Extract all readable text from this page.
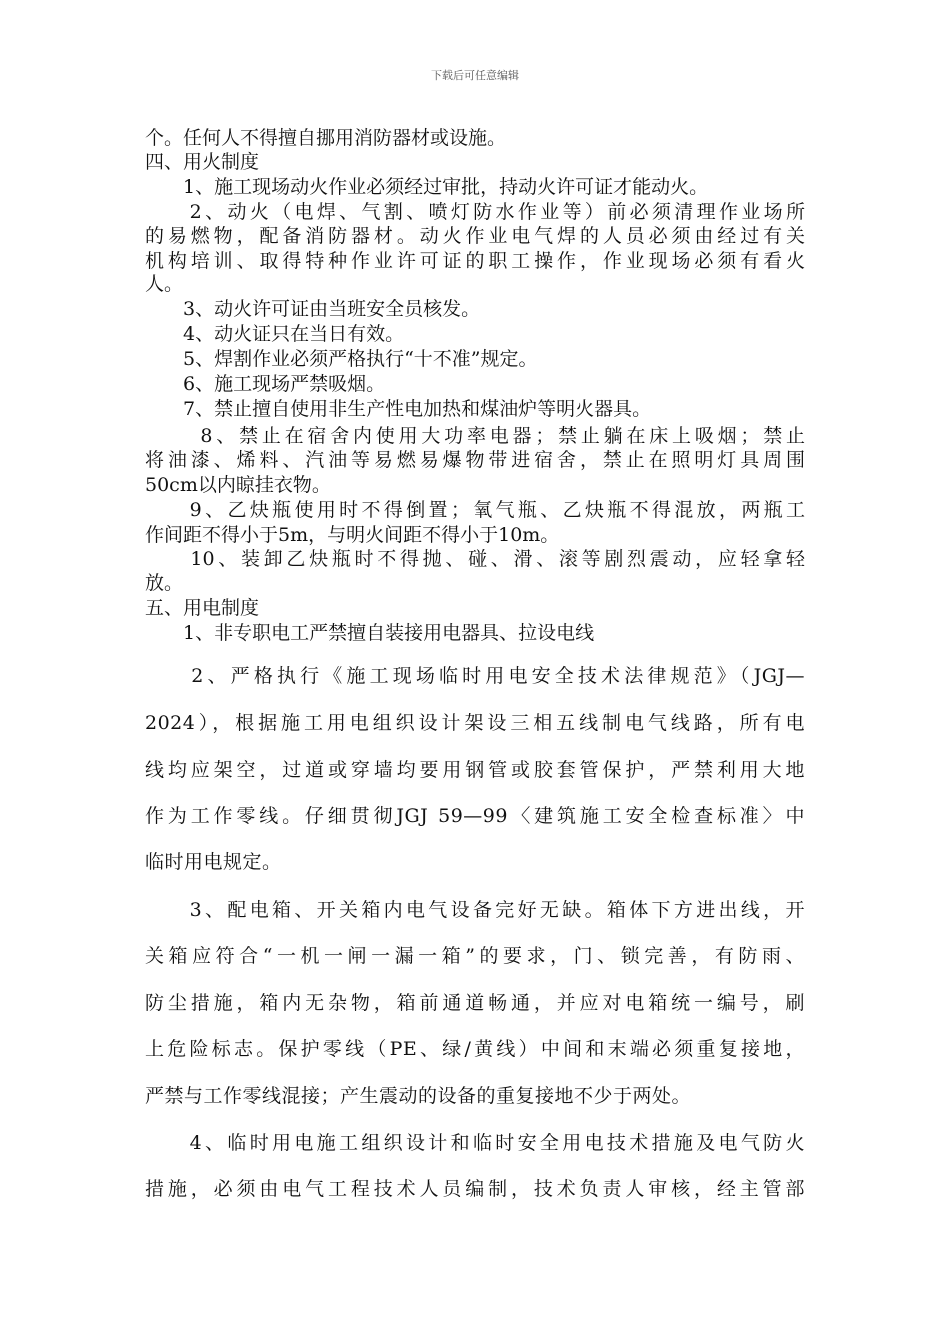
下载后可任意编辑
个。任何人不得擅自挪用消防器材或设施。
四、用火制度
　　1、施工现场动火作业必须经过审批，持动火许可证才能动火。
　　2、动火（电焊、气割、喷灯防水作业等）前必须清理作业场所
的易燃物，配备消防器材。动火作业电气焊的人员必须由经过有关
机构培训、取得特种作业许可证的职工操作，作业现场必须有看火
人。
　　3、动火许可证由当班安全员核发。
　　4、动火证只在当日有效。
　　5、焊割作业必须严格执行“十不准”规定。
　　6、施工现场严禁吸烟。
　　7、禁止擅自使用非生产性电加热和煤油炉等明火器具。
　　 8、禁止在宿舍内使用大功率电器；禁止躺在床上吸烟；禁止
将油漆、烯料、汽油等易燃易爆物带进宿舍，禁止在照明灯具周围
50cm以内晾挂衣物。
　　9、乙炔瓶使用时不得倒置；氧气瓶、乙炔瓶不得混放，两瓶工
作间距不得小于5m，与明火间距不得小于10m。
　　10、装卸乙炔瓶时不得抛、碰、滑、滚等剧烈震动，应轻拿轻
放。
五、用电制度
　　1、非专职电工严禁擅自装接用电器具、拉设电线
　　2、严格执行《施工现场临时用电安全技术法律规范》（JGJ—
2024），根据施工用电组织设计架设三相五线制电气线路，所有电
线均应架空，过道或穿墙均要用钢管或胶套管保护，严禁利用大地
作为工作零线。仔细贯彻JGJ 59—99〈建筑施工安全检查标准〉中
临时用电规定。
　　3、配电箱、开关箱内电气设备完好无缺。箱体下方进出线，开
关箱应符合“一机一闸一漏一箱”的要求，门、锁完善，有防雨、
防尘措施，箱内无杂物，箱前通道畅通，并应对电箱统一编号，刷
上危险标志。保护零线（PE、绿/黄线）中间和末端必须重复接地，
严禁与工作零线混接；产生震动的设备的重复接地不少于两处。
　　4、临时用电施工组织设计和临时安全用电技术措施及电气防火
措施，必须由电气工程技术人员编制，技术负责人审核，经主管部
